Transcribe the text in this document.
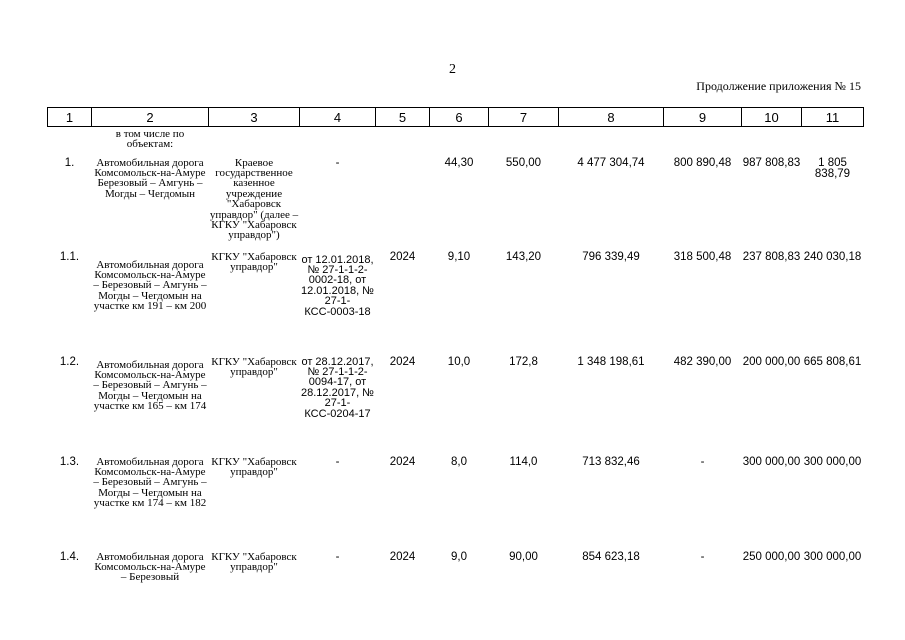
2
Продолжение приложения № 15
1	2	3	4	5	6	7	8	9	10	11
	в том числе по объектам:									
1.	Автомобильная дорога Комсомольск-на-Амуре Березовый – Амгунь – Могды – Чегдомын	Краевое государственное казенное учреждение "Хабаровск управдор" (далее – КГКУ "Хабаровск управдор")	-		44,30	550,00	4 477 304,74	800 890,48	987 808,83	1 805 838,79
1.1.	Автомобильная дорога Комсомольск-на-Амуре – Березовый – Амгунь – Могды – Чегдомын на участке км 191 – км 200	КГКУ "Хабаровск управдор"	от 12.01.2018, № 27-1-1-2-0002-18, от 12.01.2018, № 27-1-КСС-0003-18	2024	9,10	143,20	796 339,49	318 500,48	237 808,83	240 030,18
1.2.	Автомобильная дорога Комсомольск-на-Амуре – Березовый – Амгунь – Могды – Чегдомын на участке км 165 – км 174	КГКУ "Хабаровск управдор"	от 28.12.2017, № 27-1-1-2-0094-17, от 28.12.2017, № 27-1-КСС-0204-17	2024	10,0	172,8	1 348 198,61	482 390,00	200 000,00	665 808,61
1.3.	Автомобильная дорога Комсомольск-на-Амуре – Березовый – Амгунь – Могды – Чегдомын на участке км 174 – км 182	КГКУ "Хабаровск управдор"	-	2024	8,0	114,0	713 832,46	-	300 000,00	300 000,00
1.4.	Автомобильная дорога Комсомольск-на-Амуре – Березовый	КГКУ "Хабаровск управдор"	-	2024	9,0	90,00	854 623,18	-	250 000,00	300 000,00
